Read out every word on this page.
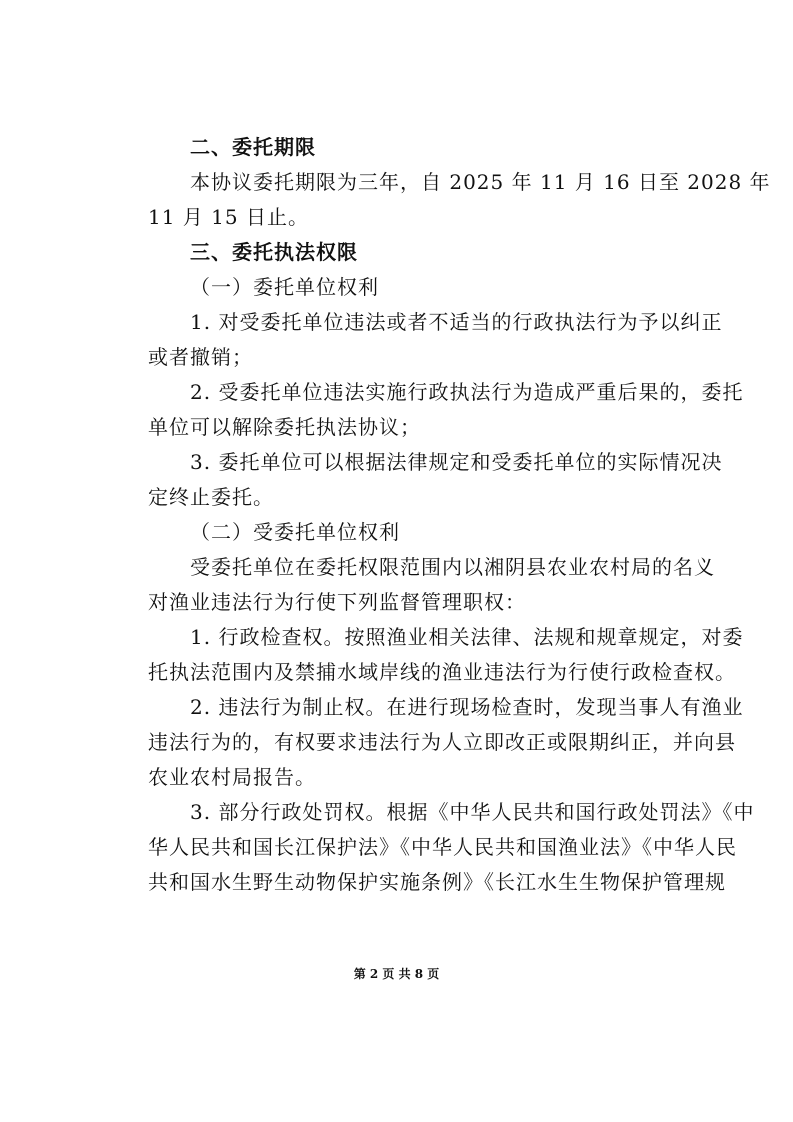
二、委托期限
本协议委托期限为三年，自 2025 年 11 月 16 日至 2028 年
11 月 15 日止。
三、委托执法权限
（一）委托单位权利
1. 对受委托单位违法或者不适当的行政执法行为予以纠正
或者撤销；
2. 受委托单位违法实施行政执法行为造成严重后果的，委托
单位可以解除委托执法协议；
3. 委托单位可以根据法律规定和受委托单位的实际情况决
定终止委托。
（二）受委托单位权利
受委托单位在委托权限范围内以湘阴县农业农村局的名义
对渔业违法行为行使下列监督管理职权：
1. 行政检查权。按照渔业相关法律、法规和规章规定，对委
托执法范围内及禁捕水域岸线的渔业违法行为行使行政检查权。
2. 违法行为制止权。在进行现场检查时，发现当事人有渔业
违法行为的，有权要求违法行为人立即改正或限期纠正，并向县
农业农村局报告。
3. 部分行政处罚权。根据《中华人民共和国行政处罚法》《中
华人民共和国长江保护法》《中华人民共和国渔业法》《中华人民
共和国水生野生动物保护实施条例》《长江水生生物保护管理规
第 2 页 共 8 页
